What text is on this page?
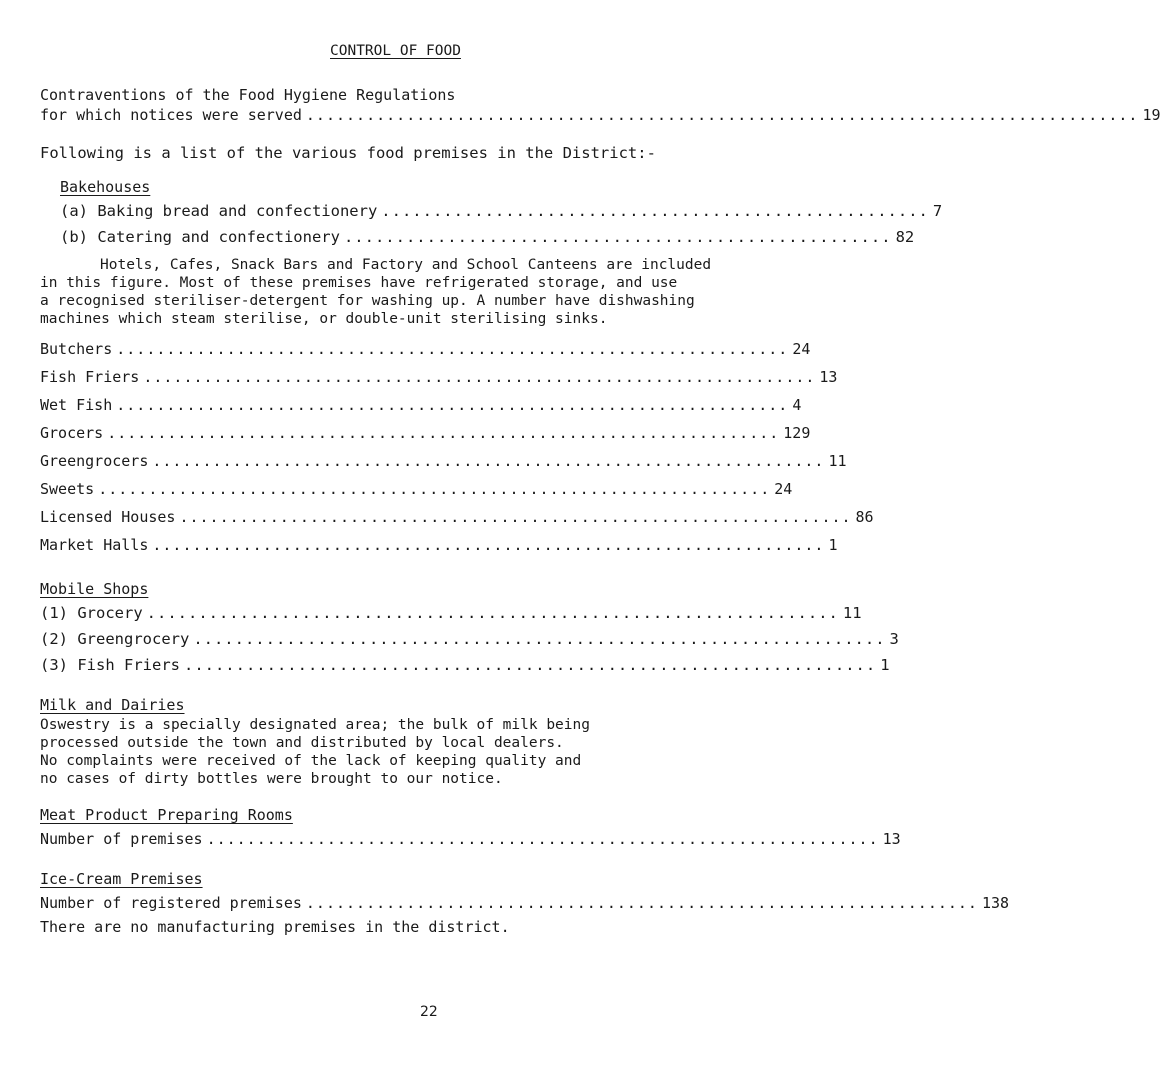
CONTROL OF FOOD
Contraventions of the Food Hygiene Regulations
for which notices were served ................................................................................... 19
Following is a list of the various food premises in the District:-
Bakehouses
(a) Baking bread and confectionery ..................................................... 7
(b) Catering and confectionery ..................................................... 82
Hotels, Cafes, Snack Bars and Factory and School Canteens are included
in this figure. Most of these premises have refrigerated storage, and use
a recognised steriliser-detergent for washing up. A number have dishwashing
machines which steam sterilise, or double-unit sterilising sinks.
Butchers ................................................................... 24
Fish Friers ................................................................... 13
Wet Fish ................................................................... 4
Grocers ................................................................... 129
Greengrocers ................................................................... 11
Sweets ................................................................... 24
Licensed Houses ................................................................... 86
Market Halls ................................................................... 1
Mobile Shops
(1) Grocery ................................................................... 11
(2) Greengrocery ................................................................... 3
(3) Fish Friers ................................................................... 1
Milk and Dairies
Oswestry is a specially designated area; the bulk of milk being
processed outside the town and distributed by local dealers.
No complaints were received of the lack of keeping quality and
no cases of dirty bottles were brought to our notice.
Meat Product Preparing Rooms
Number of premises ................................................................... 13
Ice-Cream Premises
Number of registered premises ................................................................... 138
There are no manufacturing premises in the district.
22
